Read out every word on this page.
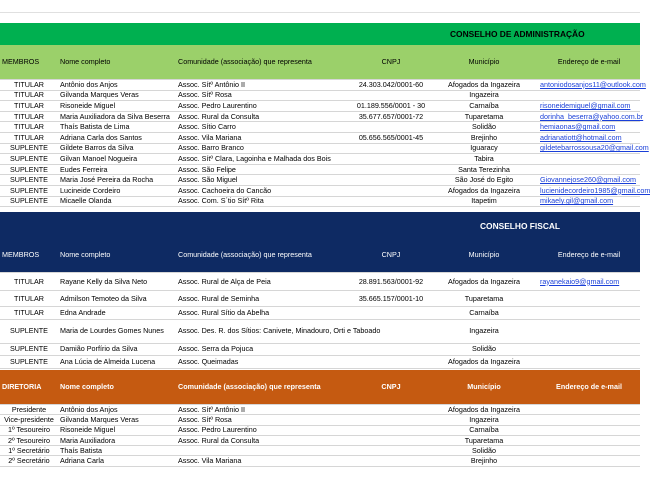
CONSELHO DE ADMINISTRAÇÃO
MEMBROS	Nome completo	Comunidade (associação) que representa	CNPJ	Município	Endereço de e-mail
TITULAR	Antônio dos Anjos	Assoc. Sítº Antônio II	24.303.042/0001-60	Afogados da Ingazeira	antoniodosanjos11@outlook.com
TITULAR	Gilvanda Marques Veras	Assoc. Sítº Rosa		Ingazeira	
TITULAR	Risoneide Miguel	Assoc. Pedro Laurentino	01.189.556/0001 - 30	Carnaíba	risoneidemiguel@gmail.com
TITULAR	Maria Auxiliadora da Silva Beserra	Assoc. Rural da Consulta	35.677.657/0001-72	Tuparetama	dorinha_beserra@yahoo.com.br
TITULAR	Thaís Batista de Lima	Assoc. Sítio Carro		Solidão	hemiaonas@gmail.com
TITULAR	Adriana Carla dos Santos	Assoc. Vila Mariana	05.656.565/0001-45	Brejinho	adrianatiott@hotmail.com
SUPLENTE	Gildete Barros da Silva	Assoc. Barro Branco		Iguaracy	gildetebarrossousa20@gmail.com
SUPLENTE	Gilvan Manoel Nogueira	Assoc. Sítº Clara, Lagoinha e Malhada dos Bois		Tabira	
SUPLENTE	Eudes Ferreira	Assoc. São Felipe		Santa Terezinha	
SUPLENTE	Maria José Pereira da Rocha	Assoc. São Miguel		São José do Egito	Giovannejose260@gmail.com
SUPLENTE	Lucineide Cordeiro	Assoc. Cachoeira do Cancão		Afogados da Ingazeira	lucienidecordeiro1985@gmail.com
SUPLENTE	Micaelle Olanda	Assoc. Com. S´tio Sítº Rita		Itapetim	mikaely.gil@gmail.com
CONSELHO FISCAL
MEMBROS	Nome completo	Comunidade (associação) que representa	CNPJ	Município	Endereço de e-mail
TITULAR	Rayane Kelly da Silva Neto	Assoc. Rural de Alça de Peia	28.891.563/0001-92	Afogados da Ingazeira	rayanekaio9@gmail.com
TITULAR	Admilson Temoteo da Silva	Assoc. Rural de Seminha	35.665.157/0001-10	Tuparetama	
TITULAR	Edna Andrade	Assoc. Rural Sítio da Abelha		Carnaíba	
SUPLENTE	Maria de Lourdes Gomes Nunes	Assoc. Des. R. dos Sítios: Canivete, Minadouro, Orti e Taboado		Ingazeira	
SUPLENTE	Damião Porfírio da Silva	Assoc. Serra da Pojuca		Solidão	
SUPLENTE	Ana Lúcia de Almeida Lucena	Assoc. Queimadas		Afogados da Ingazeira	
DIRETORIA	Nome completo	Comunidade (associação) que representa	CNPJ	Município	Endereço de e-mail
Presidente	Antônio dos Anjos	Assoc. Sítº Antônio II		Afogados da Ingazeira	
Vice-presidente	Gilvanda Marques Veras	Assoc. Sítº Rosa		Ingazeira	
1º Tesoureiro	Risoneide Miguel	Assoc. Pedro Laurentino		Carnaíba	
2º Tesoureiro	Maria Auxiliadora	Assoc. Rural da Consulta		Tuparetama	
1º Secretário	Thaís Batista			Solidão	
2º Secretário	Adriana Carla	Assoc. Vila Mariana		Brejinho	
